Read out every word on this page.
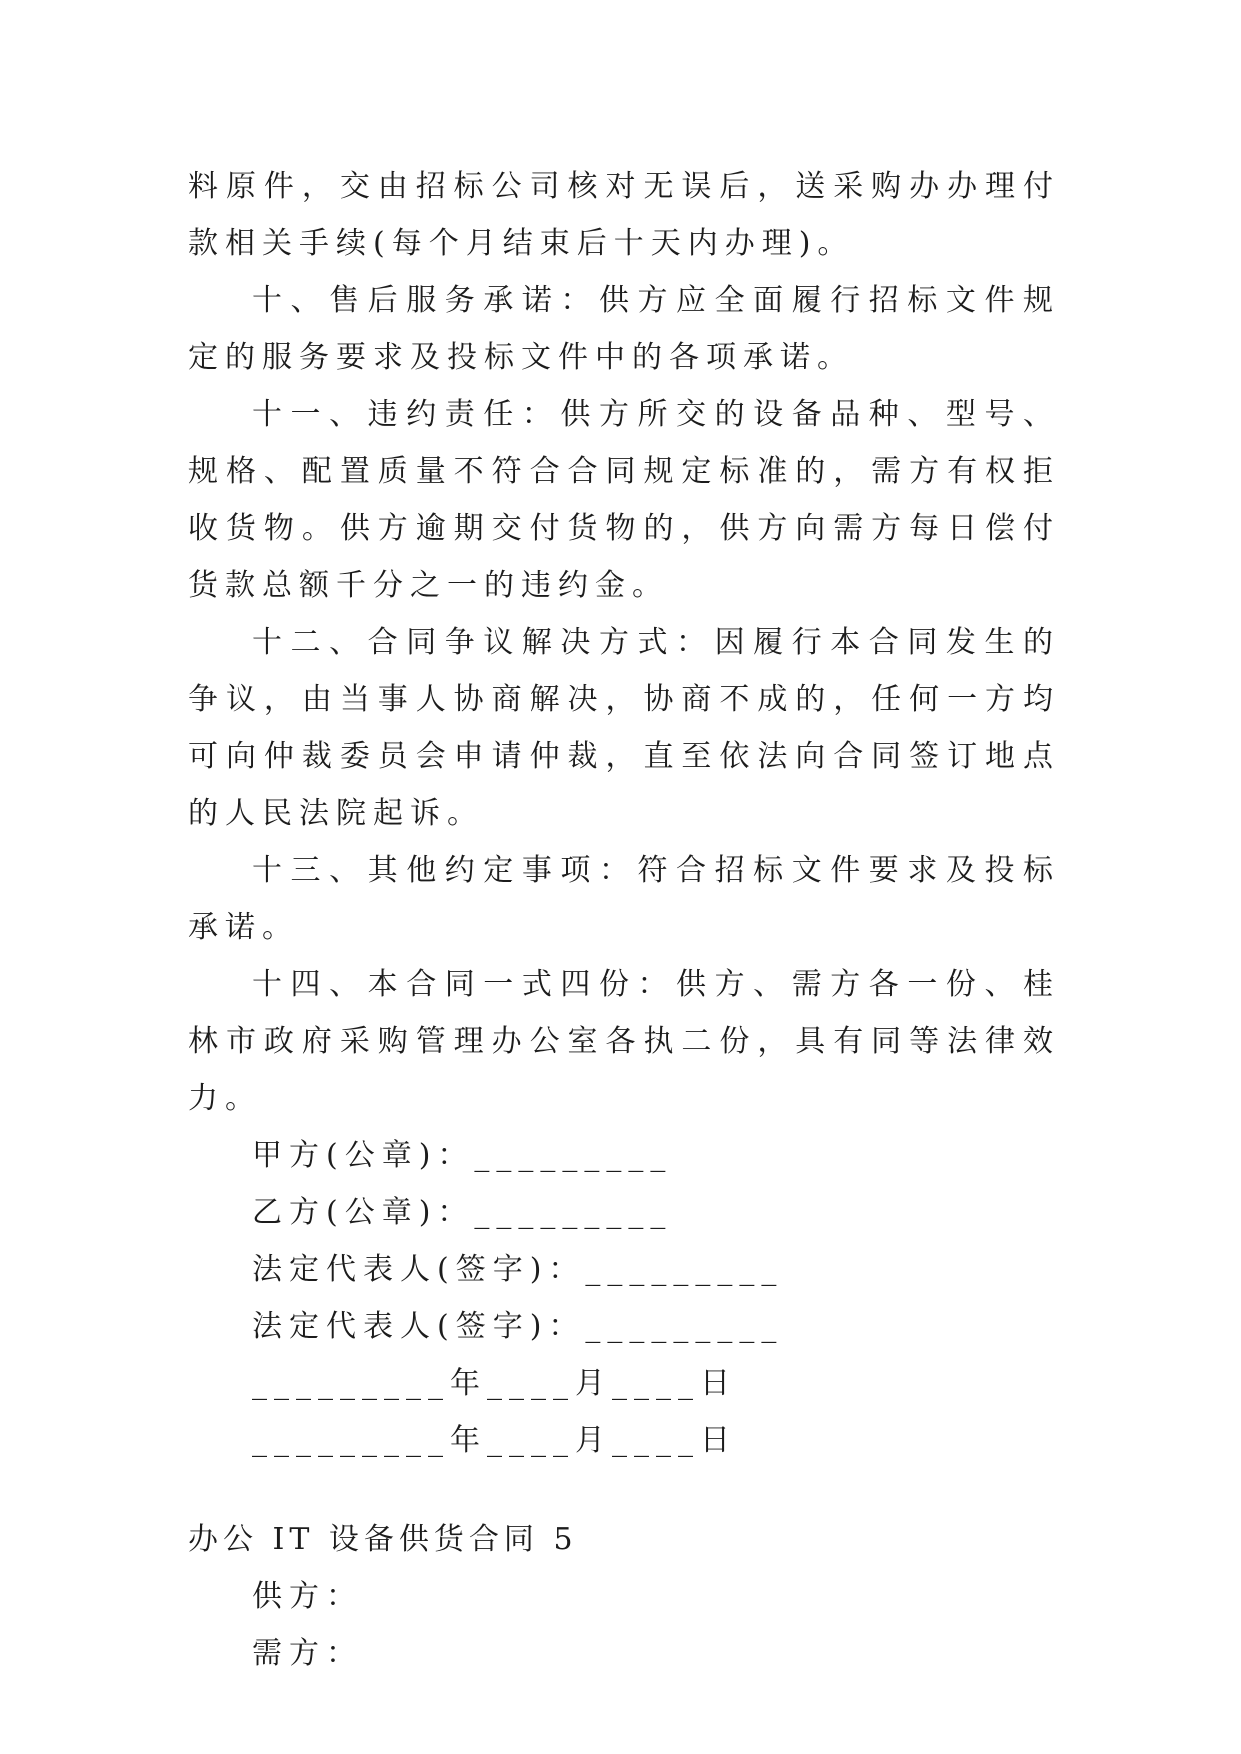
料原件，交由招标公司核对无误后，送采购办办理付款相关手续(每个月结束后十天内办理)。

十、售后服务承诺：供方应全面履行招标文件规定的服务要求及投标文件中的各项承诺。

十一、违约责任：供方所交的设备品种、型号、规格、配置质量不符合合同规定标准的，需方有权拒收货物。供方逾期交付货物的，供方向需方每日偿付货款总额千分之一的违约金。

十二、合同争议解决方式：因履行本合同发生的争议，由当事人协商解决，协商不成的，任何一方均可向仲裁委员会申请仲裁，直至依法向合同签订地点的人民法院起诉。

十三、其他约定事项：符合招标文件要求及投标承诺。

十四、本合同一式四份：供方、需方各一份、桂林市政府采购管理办公室各执二份，具有同等法律效力。

甲方(公章)：_________

乙方(公章)：_________

法定代表人(签字)：_________

法定代表人(签字)：_________

_________年____月____日

_________年____月____日

办公 IT 设备供货合同 5

供方：

需方：
